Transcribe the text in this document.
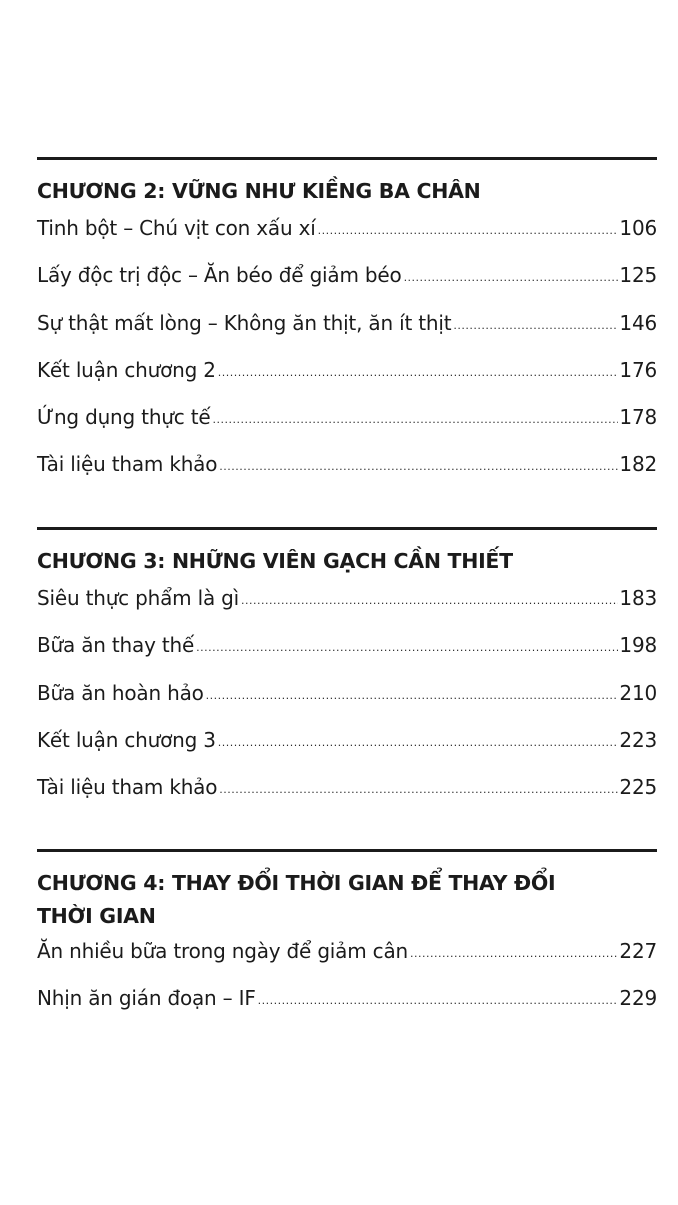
CHƯƠNG 2: VỮNG NHƯ KIỀNG BA CHÂN
Tinh bột – Chú vịt con xấu xí .....	106
Lấy độc trị độc – Ăn béo để giảm béo .....	125
Sự thật mất lòng – Không ăn thịt, ăn ít thịt .....	146
Kết luận chương 2 .....	176
Ứng dụng thực tế .....	178
Tài liệu tham khảo .....	182
CHƯƠNG 3: NHỮNG VIÊN GẠCH CẦN THIẾT
Siêu thực phẩm là gì .....	183
Bữa ăn thay thế .....	198
Bữa ăn hoàn hảo .....	210
Kết luận chương 3 .....	223
Tài liệu tham khảo .....	225
CHƯƠNG 4: THAY ĐỔI THỜI GIAN ĐỂ THAY ĐỔI
THỜI GIAN
Ăn nhiều bữa trong ngày để giảm cân .....	227
Nhịn ăn gián đoạn – IF .....	229
